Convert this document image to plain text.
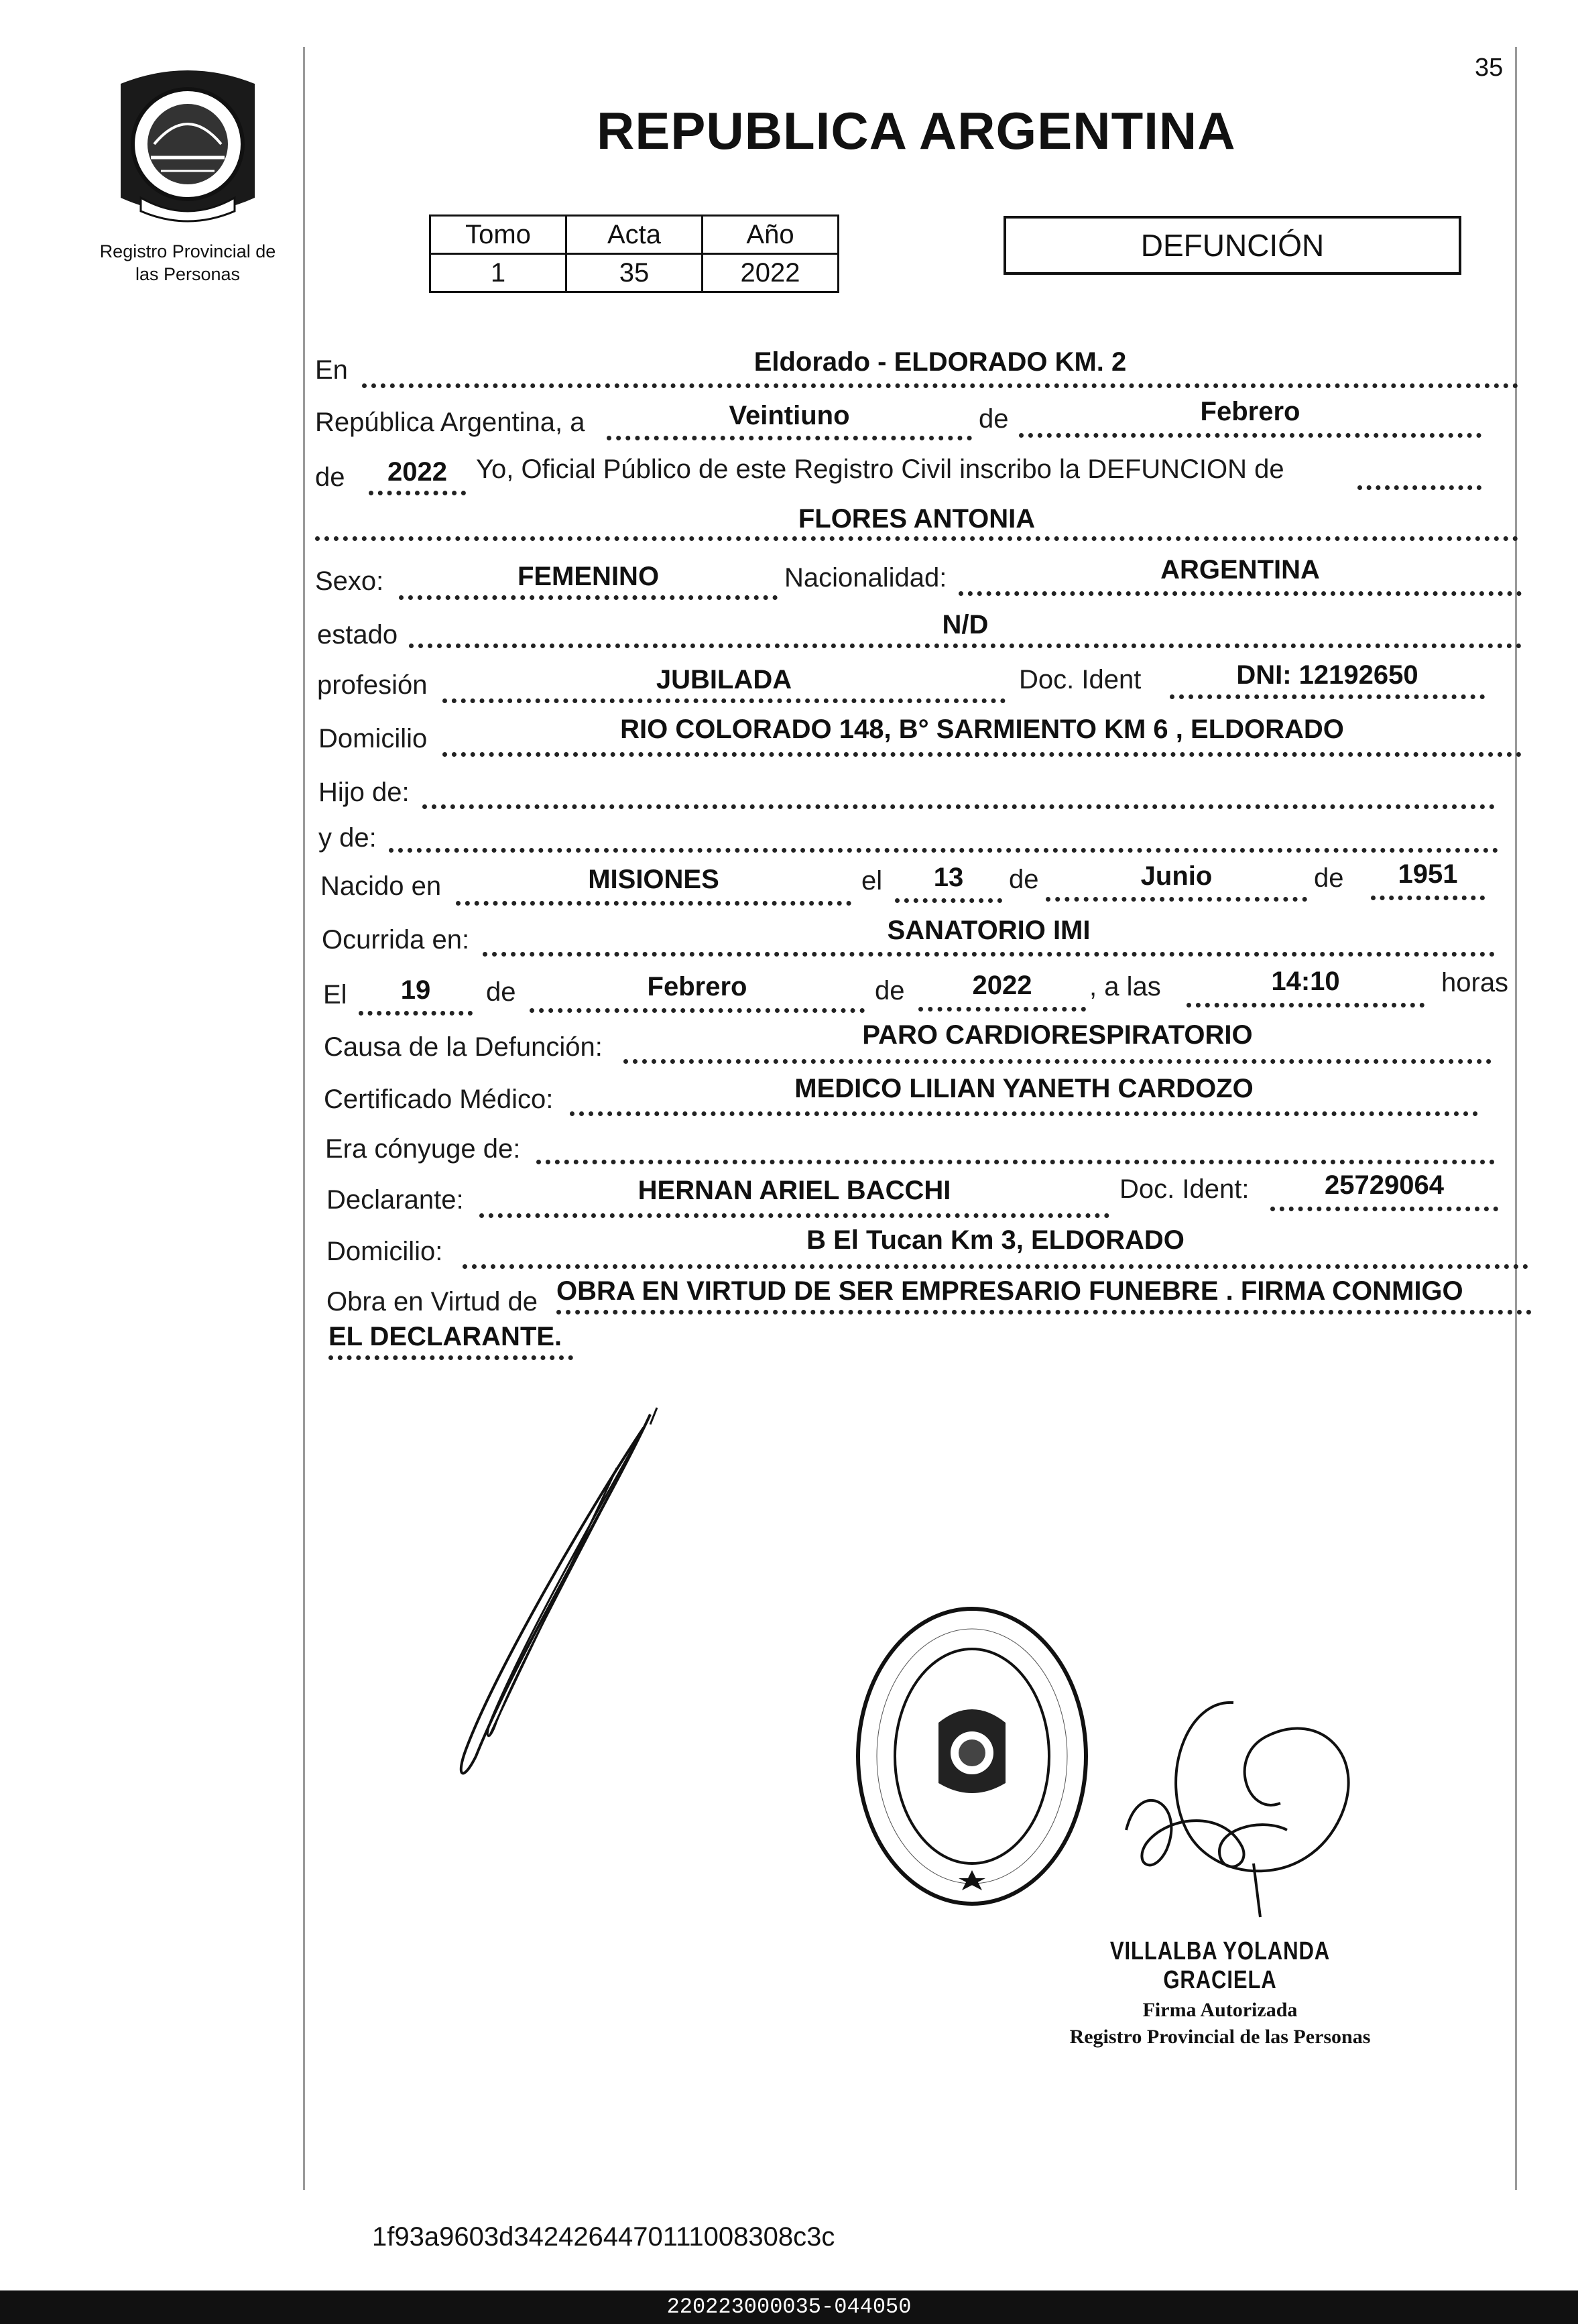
35
Registro Provincial de
las Personas
REPUBLICA ARGENTINA
Tomo	Acta	Año
1	35	2022
DEFUNCIÓN
En	Eldorado - ELDORADO KM. 2
República Argentina, a	Veintiuno	de	Febrero
de	2022	Yo, Oficial Público de este Registro Civil inscribo la DEFUNCION de
FLORES ANTONIA
Sexo:	FEMENINO	Nacionalidad:	ARGENTINA
estado	N/D
profesión	JUBILADA	Doc. Ident	DNI: 12192650
Domicilio	RIO COLORADO 148, B° SARMIENTO KM 6 , ELDORADO
Hijo de:
y de:
Nacido en	MISIONES	el	13	de	Junio	de	1951
Ocurrida en:	SANATORIO IMI
El	19	de	Febrero	de	2022	, a las	14:10	horas
Causa de la Defunción:	PARO CARDIORESPIRATORIO
Certificado Médico:	MEDICO LILIAN YANETH CARDOZO
Era cónyuge de:
Declarante:	HERNAN ARIEL BACCHI	Doc. Ident:	25729064
Domicilio:	B El Tucan Km 3, ELDORADO
Obra en Virtud de OBRA EN VIRTUD DE SER EMPRESARIO FUNEBRE . FIRMA CONMIGO
EL DECLARANTE.
VILLALBA YOLANDA GRACIELA
Firma Autorizada
Registro Provincial de las Personas
1f93a9603d3424264470111008308c3c
220223000035-044050
